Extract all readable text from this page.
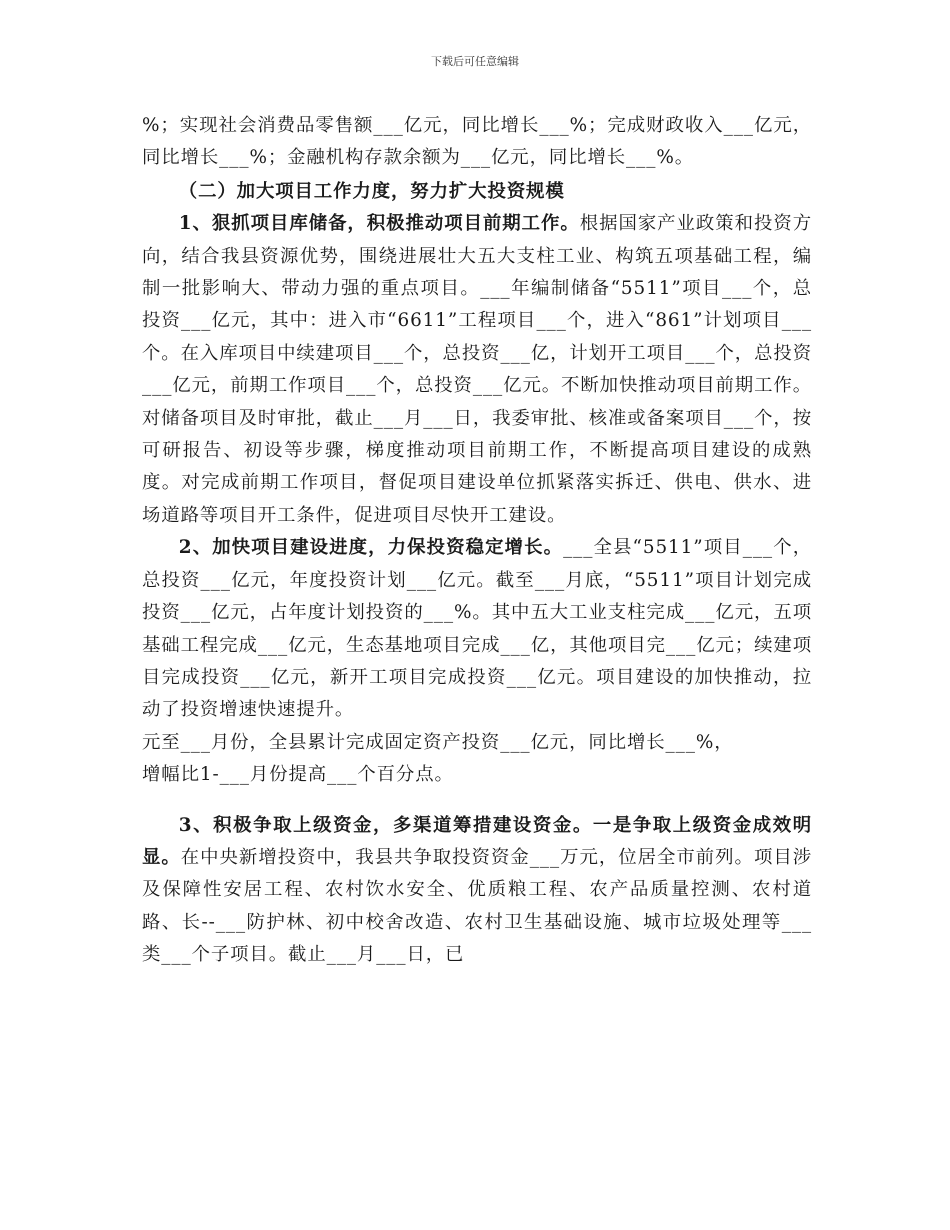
下载后可任意编辑

%；实现社会消费品零售额___亿元，同比增长___%；完成财政收入___亿元，同比增长___%；金融机构存款余额为___亿元，同比增长___%。

（二）加大项目工作力度，努力扩大投资规模

1、狠抓项目库储备，积极推动项目前期工作。根据国家产业政策和投资方向，结合我县资源优势，围绕进展壮大五大支柱工业、构筑五项基础工程，编制一批影响大、带动力强的重点项目。___年编制储备“5511”项目___个，总投资___亿元，其中：进入市“6611”工程项目___个，进入“861”计划项目___个。在入库项目中续建项目___个，总投资___亿，计划开工项目___个，总投资___亿元，前期工作项目___个，总投资___亿元。不断加快推动项目前期工作。对储备项目及时审批，截止___月___日，我委审批、核准或备案项目___个，按可研报告、初设等步骤，梯度推动项目前期工作，不断提高项目建设的成熟度。对完成前期工作项目，督促项目建设单位抓紧落实拆迁、供电、供水、进场道路等项目开工条件，促进项目尽快开工建设。

2、加快项目建设进度，力保投资稳定增长。___全县“5511”项目___个，总投资___亿元，年度投资计划___亿元。截至___月底，“5511”项目计划完成投资___亿元，占年度计划投资的___%。其中五大工业支柱完成___亿元，五项基础工程完成___亿元，生态基地项目完成___亿，其他项目完___亿元；续建项目完成投资___亿元，新开工项目完成投资___亿元。项目建设的加快推动，拉动了投资增速快速提升。

元至___月份，全县累计完成固定资产投资___亿元，同比增长___%，

增幅比1-___月份提高___个百分点。

3、积极争取上级资金，多渠道筹措建设资金。一是争取上级资金成效明显。在中央新增投资中，我县共争取投资资金___万元，位居全市前列。项目涉及保障性安居工程、农村饮水安全、优质粮工程、农产品质量控测、农村道路、长--___防护林、初中校舍改造、农村卫生基础设施、城市垃圾处理等___类___个子项目。截止___月___日，已
